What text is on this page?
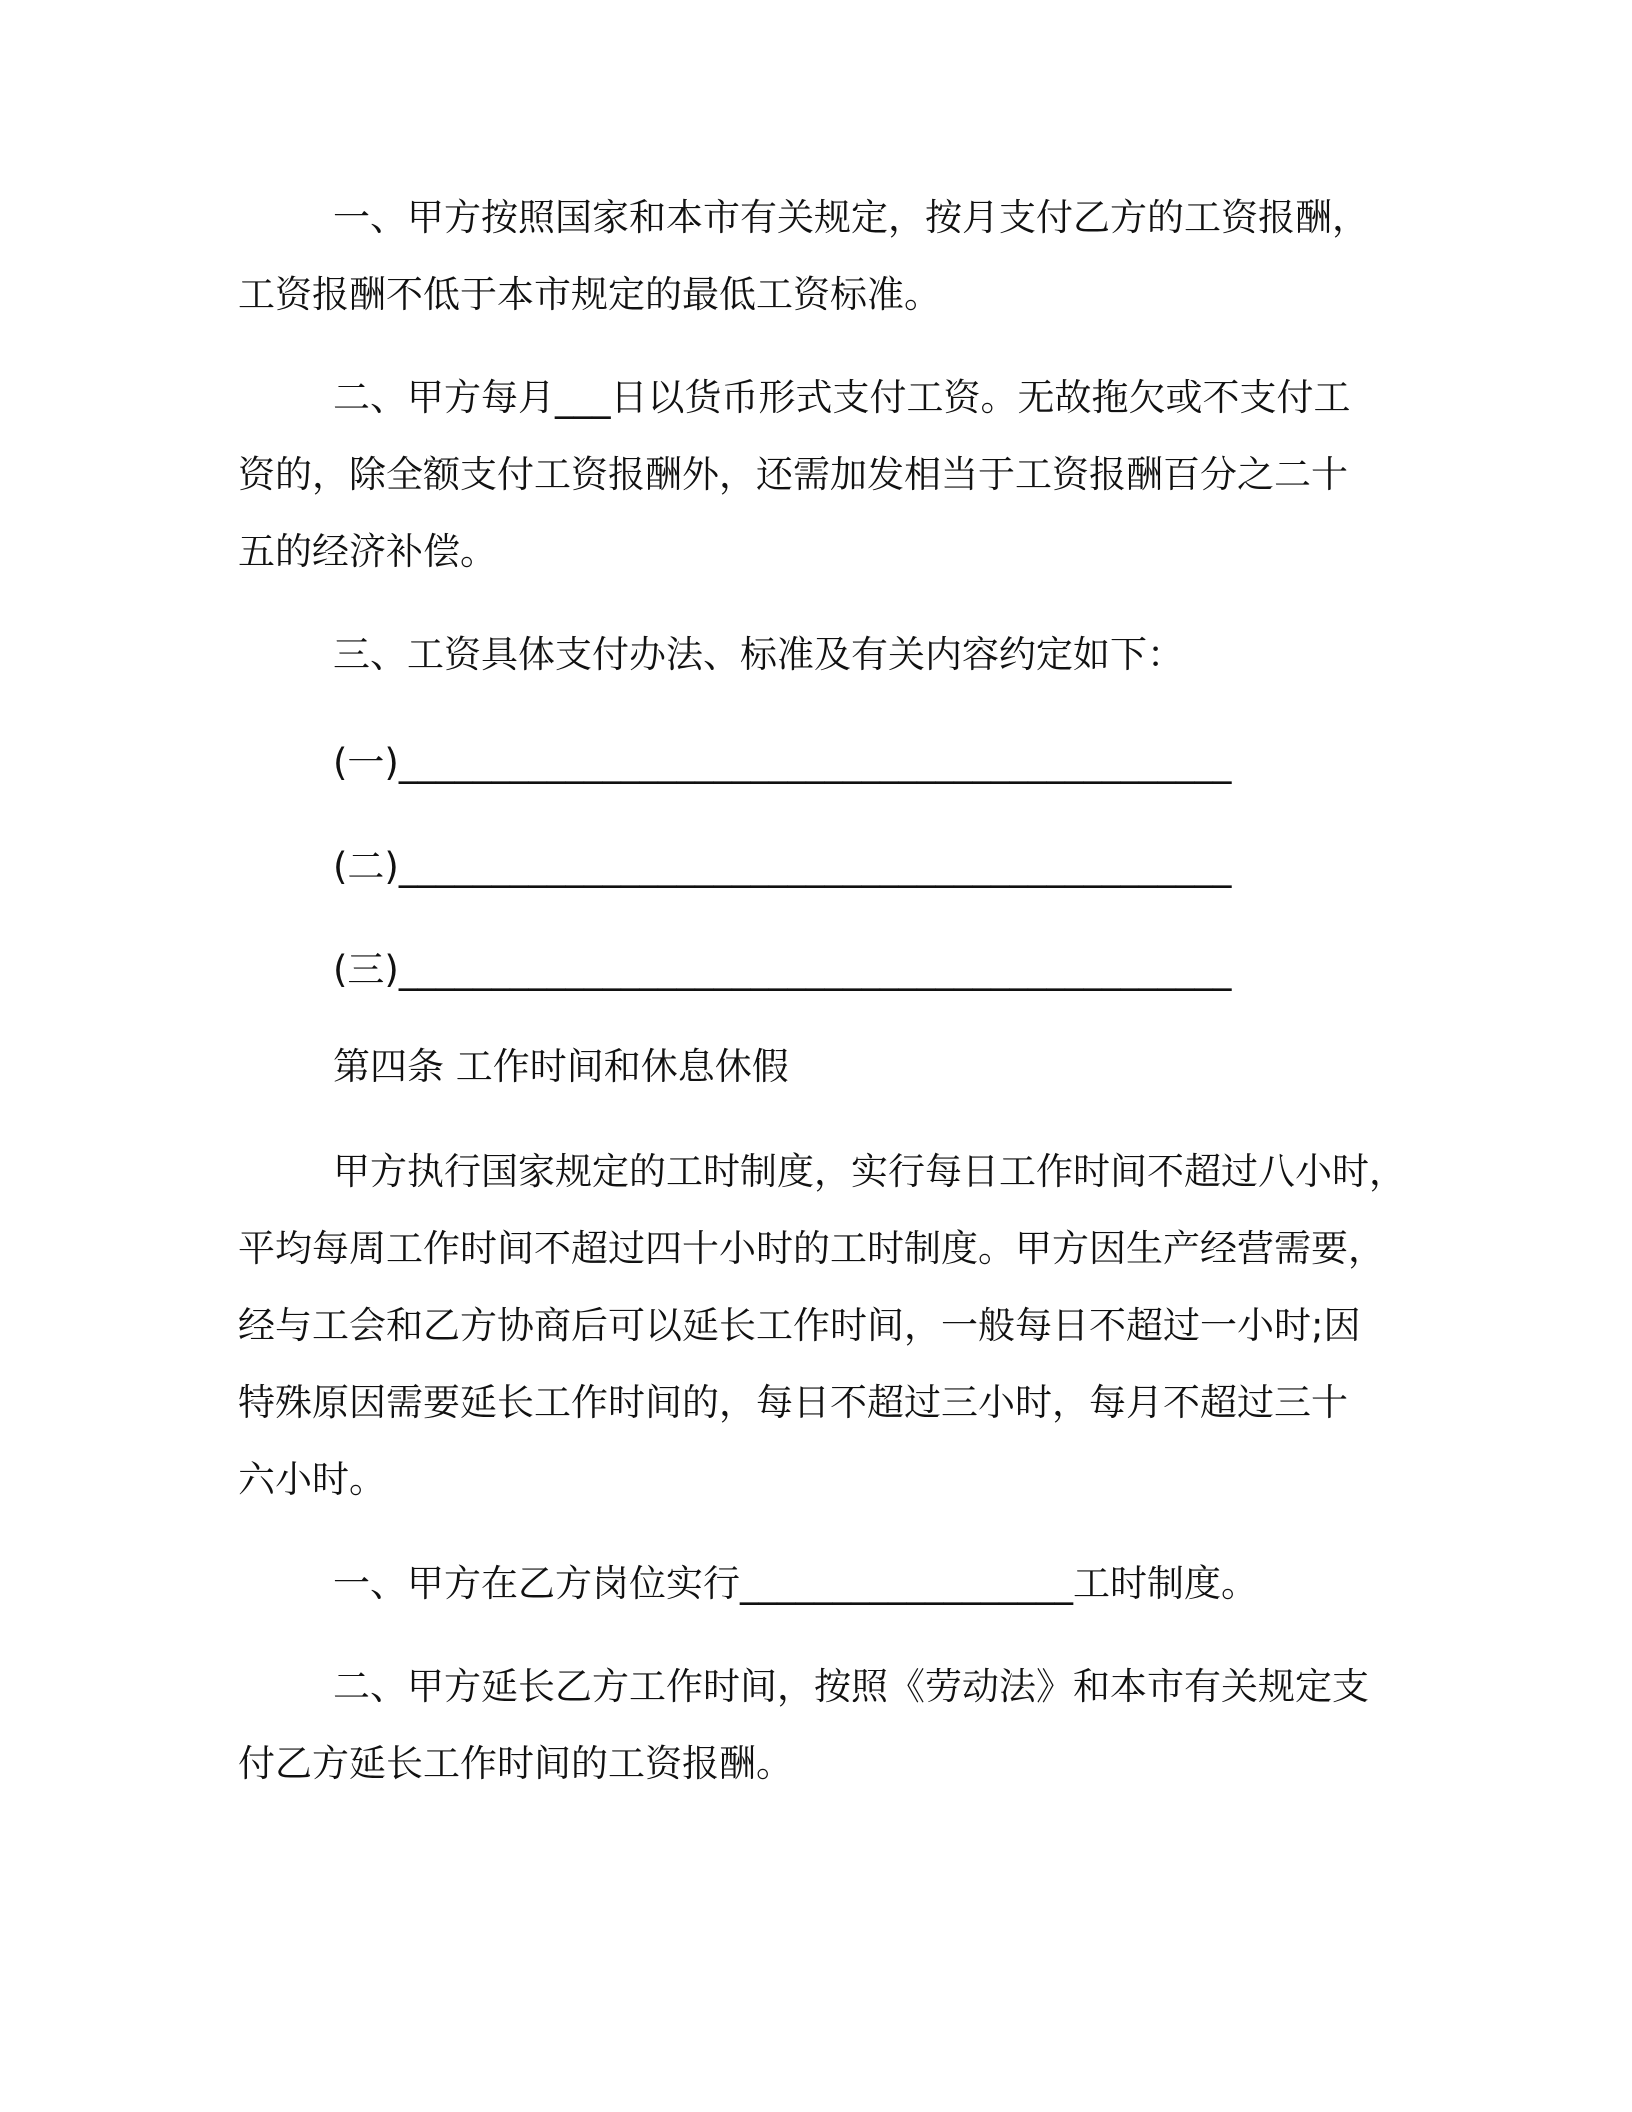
一、甲方按照国家和本市有关规定，按月支付乙方的工资报酬，
工资报酬不低于本市规定的最低工资标准。
二、甲方每月___日以货币形式支付工资。无故拖欠或不支付工
资的，除全额支付工资报酬外，还需加发相当于工资报酬百分之二十
五的经济补偿。
三、工资具体支付办法、标准及有关内容约定如下：
(一)_____________________________________________
(二)_____________________________________________
(三)_____________________________________________
第四条 工作时间和休息休假
甲方执行国家规定的工时制度，实行每日工作时间不超过八小时，
平均每周工作时间不超过四十小时的工时制度。甲方因生产经营需要，
经与工会和乙方协商后可以延长工作时间，一般每日不超过一小时;因
特殊原因需要延长工作时间的，每日不超过三小时，每月不超过三十
六小时。
一、甲方在乙方岗位实行__________________工时制度。
二、甲方延长乙方工作时间，按照《劳动法》和本市有关规定支
付乙方延长工作时间的工资报酬。
